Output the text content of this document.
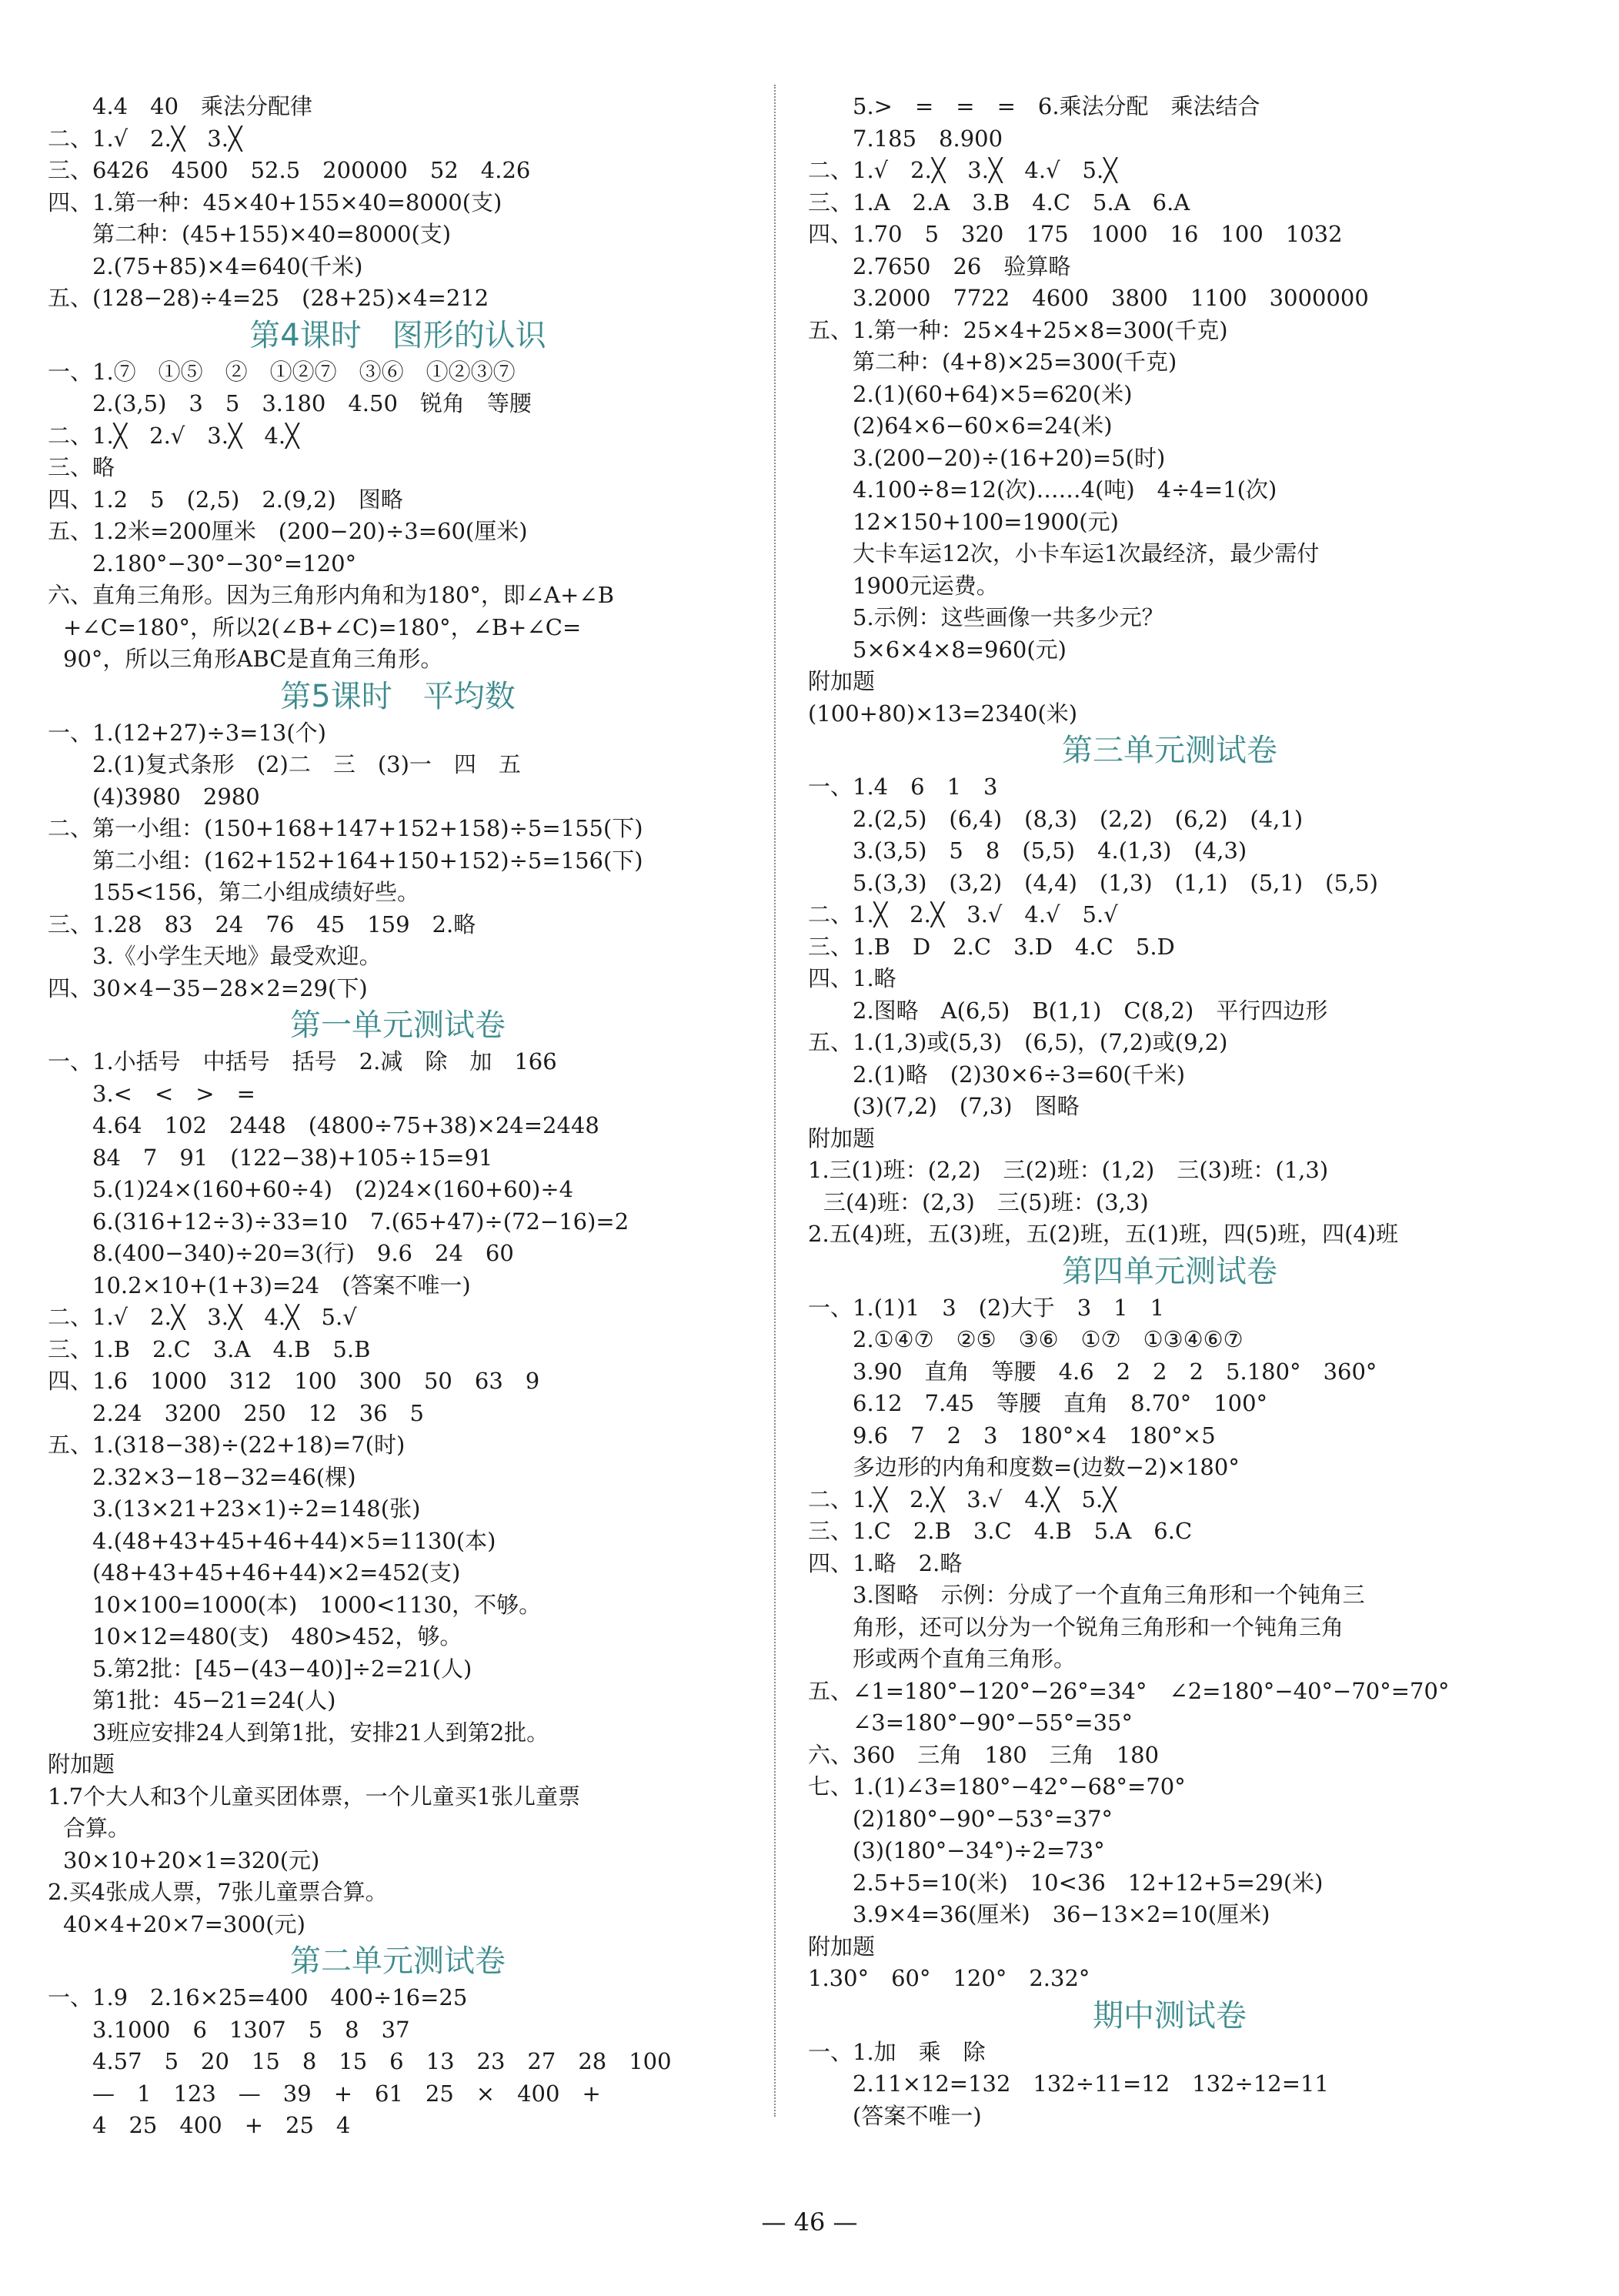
4.4　40　乘法分配律
二、1.√　2.╳　3.╳
三、6426　4500　52.5　200000　52　4.26
四、1.第一种：45×40+155×40=8000(支)
第二种：(45+155)×40=8000(支)
2.(75+85)×4=640(千米)
五、(128−28)÷4=25　(28+25)×4=212
第4课时　图形的认识
一、1.⑦　①⑤　②　①②⑦　③⑥　①②③⑦
2.(3,5)　3　5　3.180　4.50　锐角　等腰
二、1.╳　2.√　3.╳　4.╳
三、略
四、1.2　5　(2,5)　2.(9,2)　图略
五、1.2米=200厘米　(200−20)÷3=60(厘米)
2.180°−30°−30°=120°
六、直角三角形。因为三角形内角和为180°，即∠A+∠B
+∠C=180°，所以2(∠B+∠C)=180°，∠B+∠C=
90°，所以三角形ABC是直角三角形。
第5课时　平均数
一、1.(12+27)÷3=13(个)
2.(1)复式条形　(2)二　三　(3)一　四　五
(4)3980　2980
二、第一小组：(150+168+147+152+158)÷5=155(下)
第二小组：(162+152+164+150+152)÷5=156(下)
155<156，第二小组成绩好些。
三、1.28　83　24　76　45　159　2.略
3.《小学生天地》最受欢迎。
四、30×4−35−28×2=29(下)
第一单元测试卷
一、1.小括号　中括号　括号　2.减　除　加　166
3.<　<　>　=
4.64　102　2448　(4800÷75+38)×24=2448
84　7　91　(122−38)+105÷15=91
5.(1)24×(160+60÷4)　(2)24×(160+60)÷4
6.(316+12÷3)÷33=10　7.(65+47)÷(72−16)=2
8.(400−340)÷20=3(行)　9.6　24　60
10.2×10+(1+3)=24　(答案不唯一)
二、1.√　2.╳　3.╳　4.╳　5.√
三、1.B　2.C　3.A　4.B　5.B
四、1.6　1000　312　100　300　50　63　9
2.24　3200　250　12　36　5
五、1.(318−38)÷(22+18)=7(时)
2.32×3−18−32=46(棵)
3.(13×21+23×1)÷2=148(张)
4.(48+43+45+46+44)×5=1130(本)
(48+43+45+46+44)×2=452(支)
10×100=1000(本)　1000<1130，不够。
10×12=480(支)　480>452，够。
5.第2批：[45−(43−40)]÷2=21(人)
第1批：45−21=24(人)
3班应安排24人到第1批，安排21人到第2批。
附加题
1.7个大人和3个儿童买团体票，一个儿童买1张儿童票
合算。
30×10+20×1=320(元)
2.买4张成人票，7张儿童票合算。
40×4+20×7=300(元)
第二单元测试卷
一、1.9　2.16×25=400　400÷16=25
3.1000　6　1307　5　8　37
4.57　5　20　15　8　15　6　13　23　27　28　100
—　1　123　—　39　+　61　25　×　400　+
4　25　400　+　25　4
5.>　=　=　=　6.乘法分配　乘法结合
7.185　8.900
二、1.√　2.╳　3.╳　4.√　5.╳
三、1.A　2.A　3.B　4.C　5.A　6.A
四、1.70　5　320　175　1000　16　100　1032
2.7650　26　验算略
3.2000　7722　4600　3800　1100　3000000
五、1.第一种：25×4+25×8=300(千克)
第二种：(4+8)×25=300(千克)
2.(1)(60+64)×5=620(米)
(2)64×6−60×6=24(米)
3.(200−20)÷(16+20)=5(时)
4.100÷8=12(次)……4(吨)　4÷4=1(次)
12×150+100=1900(元)
大卡车运12次，小卡车运1次最经济，最少需付
1900元运费。
5.示例：这些画像一共多少元？
5×6×4×8=960(元)
附加题
(100+80)×13=2340(米)
第三单元测试卷
一、1.4　6　1　3
2.(2,5)　(6,4)　(8,3)　(2,2)　(6,2)　(4,1)
3.(3,5)　5　8　(5,5)　4.(1,3)　(4,3)
5.(3,3)　(3,2)　(4,4)　(1,3)　(1,1)　(5,1)　(5,5)
二、1.╳　2.╳　3.√　4.√　5.√
三、1.B　D　2.C　3.D　4.C　5.D
四、1.略
2.图略　A(6,5)　B(1,1)　C(8,2)　平行四边形
五、1.(1,3)或(5,3)　(6,5)，(7,2)或(9,2)
2.(1)略　(2)30×6÷3=60(千米)
(3)(7,2)　(7,3)　图略
附加题
1.三(1)班：(2,2)　三(2)班：(1,2)　三(3)班：(1,3)
三(4)班：(2,3)　三(5)班：(3,3)
2.五(4)班，五(3)班，五(2)班，五(1)班，四(5)班，四(4)班
第四单元测试卷
一、1.(1)1　3　(2)大于　3　1　1
2.①④⑦　②⑤　③⑥　①⑦　①③④⑥⑦
3.90　直角　等腰　4.6　2　2　2　5.180°　360°
6.12　7.45　等腰　直角　8.70°　100°
9.6　7　2　3　180°×4　180°×5
多边形的内角和度数=(边数−2)×180°
二、1.╳　2.╳　3.√　4.╳　5.╳
三、1.C　2.B　3.C　4.B　5.A　6.C
四、1.略　2.略
3.图略　示例：分成了一个直角三角形和一个钝角三
角形，还可以分为一个锐角三角形和一个钝角三角
形或两个直角三角形。
五、∠1=180°−120°−26°=34°　∠2=180°−40°−70°=70°
∠3=180°−90°−55°=35°
六、360　三角　180　三角　180
七、1.(1)∠3=180°−42°−68°=70°
(2)180°−90°−53°=37°
(3)(180°−34°)÷2=73°
2.5+5=10(米)　10<36　12+12+5=29(米)
3.9×4=36(厘米)　36−13×2=10(厘米)
附加题
1.30°　60°　120°　2.32°
期中测试卷
一、1.加　乘　除
2.11×12=132　132÷11=12　132÷12=11
(答案不唯一)
— 46 —
